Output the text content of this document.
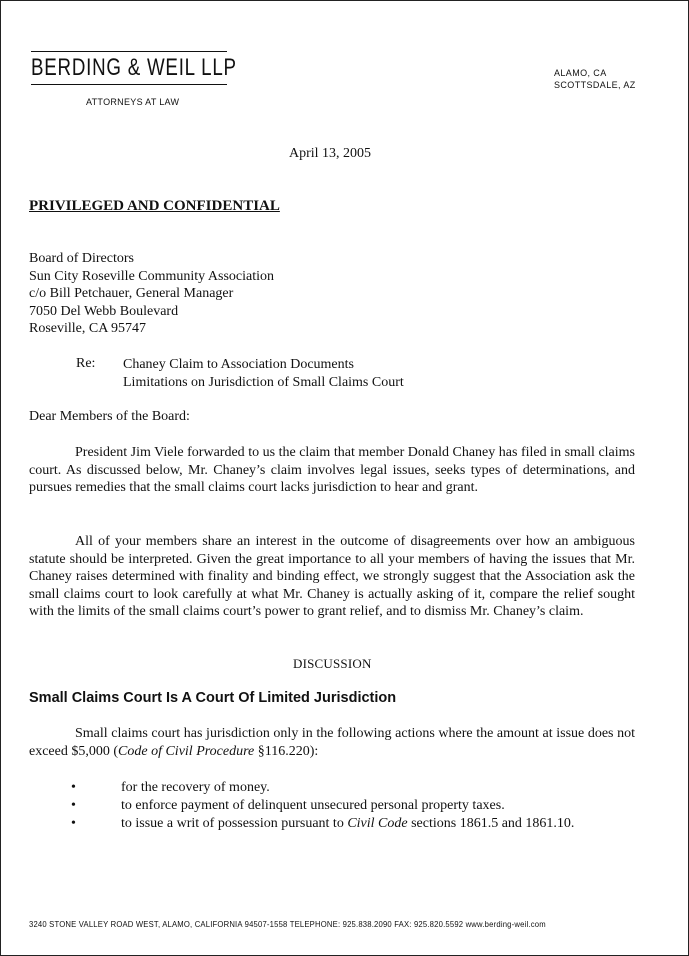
BERDING & WEIL LLP
ATTORNEYS AT LAW
ALAMO, CA
SCOTTSDALE, AZ
April 13, 2005
PRIVILEGED AND CONFIDENTIAL
Board of Directors
Sun City Roseville Community Association
c/o Bill Petchauer, General Manager
7050 Del Webb Boulevard
Roseville, CA 95747
Re: Chaney Claim to Association Documents
Limitations on Jurisdiction of Small Claims Court
Dear Members of the Board:

President Jim Viele forwarded to us the claim that member Donald Chaney has filed in small claims court. As discussed below, Mr. Chaney’s claim involves legal issues, seeks types of determinations, and pursues remedies that the small claims court lacks jurisdiction to hear and grant.

All of your members share an interest in the outcome of disagreements over how an ambiguous statute should be interpreted. Given the great importance to all your members of having the issues that Mr. Chaney raises determined with finality and binding effect, we strongly suggest that the Association ask the small claims court to look carefully at what Mr. Chaney is actually asking of it, compare the relief sought with the limits of the small claims court’s power to grant relief, and to dismiss Mr. Chaney’s claim.

DISCUSSION
Small Claims Court Is A Court Of Limited Jurisdiction

Small claims court has jurisdiction only in the following actions where the amount at issue does not exceed $5,000 (Code of Civil Procedure §116.220):

•	for the recovery of money.
•	to enforce payment of delinquent unsecured personal property taxes.
•	to issue a writ of possession pursuant to Civil Code sections 1861.5 and 1861.10.
3240 STONE VALLEY ROAD WEST, ALAMO, CALIFORNIA 94507-1558 TELEPHONE: 925.838.2090 FAX: 925.820.5592 www.berding-weil.com
